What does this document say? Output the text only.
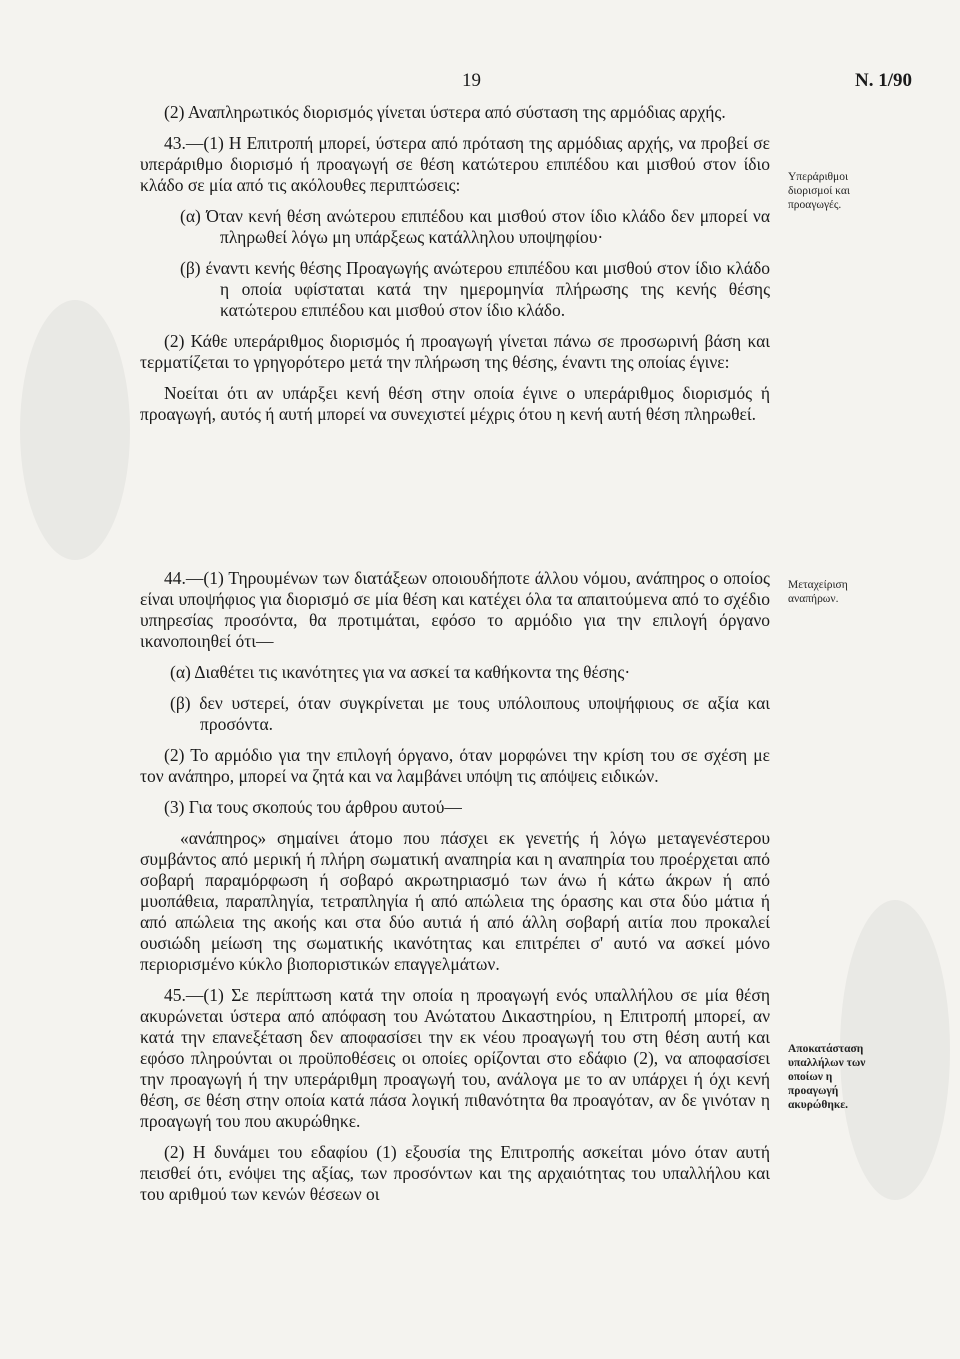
19	Ν. 1/90

(2) Αναπληρωτικός διορισμός γίνεται ύστερα από σύσταση της αρμόδιας αρχής.

43.—(1) Η Επιτροπή μπορεί, ύστερα από πρόταση της αρμόδιας αρχής, να προβεί σε υπεράριθμο διορισμό ή προαγωγή σε θέση κατώτερου επιπέδου και μισθού στον ίδιο κλάδο σε μία από τις ακόλουθες περιπτώσεις:

(α) Όταν κενή θέση ανώτερου επιπέδου και μισθού στον ίδιο κλάδο δεν μπορεί να πληρωθεί λόγω μη υπάρξεως κατάλληλου υποψηφίου·

(β) έναντι κενής θέσης Προαγωγής ανώτερου επιπέδου και μισθού στον ίδιο κλάδο η οποία υφίσταται κατά την ημερομηνία πλήρωσης της κενής θέσης κατώτερου επιπέδου και μισθού στον ίδιο κλάδο.

(2) Κάθε υπεράριθμος διορισμός ή προαγωγή γίνεται πάνω σε προσωρινή βάση και τερματίζεται το γρηγορότερο μετά την πλήρωση της θέσης, έναντι της οποίας έγινε:

Νοείται ότι αν υπάρξει κενή θέση στην οποία έγινε ο υπεράριθμος διορισμός ή προαγωγή, αυτός ή αυτή μπορεί να συνεχιστεί μέχρις ότου η κενή αυτή θέση πληρωθεί.

44.—(1) Τηρουμένων των διατάξεων οποιουδήποτε άλλου νόμου, ανάπηρος ο οποίος είναι υποψήφιος για διορισμό σε μία θέση και κατέχει όλα τα απαιτούμενα από το σχέδιο υπηρεσίας προσόντα, θα προτιμάται, εφόσο το αρμόδιο για την επιλογή όργανο ικανοποιηθεί ότι—

(α) Διαθέτει τις ικανότητες για να ασκεί τα καθήκοντα της θέσης·

(β) δεν υστερεί, όταν συγκρίνεται με τους υπόλοιπους υποψήφιους σε αξία και προσόντα.

(2) Το αρμόδιο για την επιλογή όργανο, όταν μορφώνει την κρίση του σε σχέση με τον ανάπηρο, μπορεί να ζητά και να λαμβάνει υπόψη τις απόψεις ειδικών.

(3) Για τους σκοπούς του άρθρου αυτού—

«ανάπηρος» σημαίνει άτομο που πάσχει εκ γενετής ή λόγω μεταγενέστερου συμβάντος από μερική ή πλήρη σωματική αναπηρία και η αναπηρία του προέρχεται από σοβαρή παραμόρφωση ή σοβαρό ακρωτηριασμό των άνω ή κάτω άκρων ή από μυοπάθεια, παραπληγία, τετραπληγία ή από απώλεια της όρασης και στα δύο μάτια ή από απώλεια της ακοής και στα δύο αυτιά ή από άλλη σοβαρή αιτία που προκαλεί ουσιώδη μείωση της σωματικής ικανότητας και επιτρέπει σ' αυτό να ασκεί μόνο περιορισμένο κύκλο βιοποριστικών επαγγελμάτων.

45.—(1) Σε περίπτωση κατά την οποία η προαγωγή ενός υπαλλήλου σε μία θέση ακυρώνεται ύστερα από απόφαση του Ανώτατου Δικαστηρίου, η Επιτροπή μπορεί, αν κατά την επανεξέταση δεν αποφασίσει την εκ νέου προαγωγή του στη θέση αυτή και εφόσο πληρούνται οι προϋποθέσεις οι οποίες ορίζονται στο εδάφιο (2), να αποφασίσει την προαγωγή ή την υπεράριθμη προαγωγή του, ανάλογα με το αν υπάρχει ή όχι κενή θέση, σε θέση στην οποία κατά πάσα λογική πιθανότητα θα προαγόταν, αν δε γινόταν η προαγωγή του που ακυρώθηκε.

(2) Η δυνάμει του εδαφίου (1) εξουσία της Επιτροπής ασκείται μόνο όταν αυτή πεισθεί ότι, ενόψει της αξίας, των προσόντων και της αρχαιότητας του υπαλλήλου και του αριθμού των κενών θέσεων οι

Υπεράριθμοι διορισμοί και προαγωγές.
Μεταχείριση αναπήρων.
Αποκατάσταση υπαλλήλων των οποίων η προαγωγή ακυρώθηκε.
